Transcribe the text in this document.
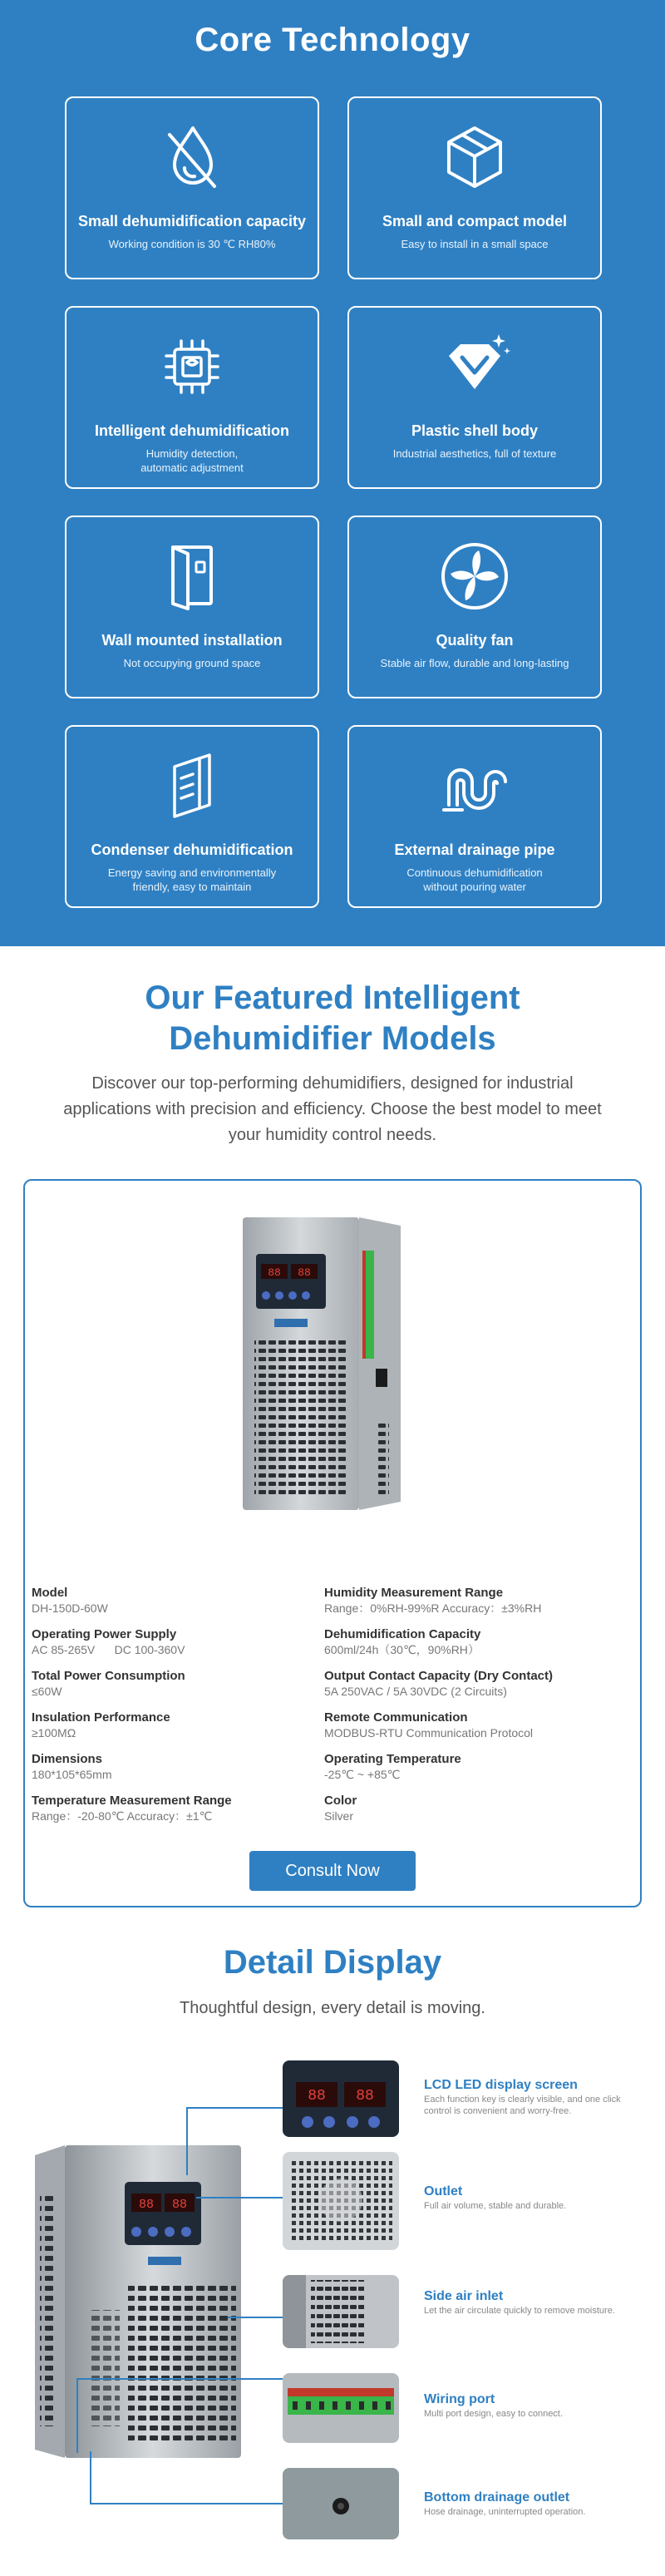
Core Technology
Small dehumidification capacity
Working condition is 30 ℃ RH80%
Small and compact model
Easy to install in a small space
Intelligent dehumidification
Humidity detection,
automatic adjustment
Plastic shell body
Industrial aesthetics, full of texture
Wall mounted installation
Not occupying ground space
Quality fan
Stable air flow, durable and long-lasting
Condenser dehumidification
Energy saving and environmentally
friendly, easy to maintain
External drainage pipe
Continuous dehumidification
without pouring water
Our Featured Intelligent
Dehumidifier Models

Discover our top-performing dehumidifiers, designed for industrial applications with precision and efficiency. Choose the best model to meet your humidity control needs.

88 88
Model
DH-150D-60W
Operating Power Supply
AC 85-265V      DC 100-360V
Total Power Consumption
≤60W
Insulation Performance
≥100MΩ
Dimensions
180*105*65mm
Temperature Measurement Range
Range：-20-80℃ Accuracy：±1℃
Humidity Measurement Range
Range：0%RH-99%R Accuracy：±3%RH
Dehumidification Capacity
600ml/24h（30℃，90%RH）
Output Contact Capacity (Dry Contact)
5A 250VAC / 5A 30VDC (2 Circuits)
Remote Communication
MODBUS-RTU Communication Protocol
Operating Temperature
-25℃ ~ +85℃
Color
Silver
Consult Now
Detail Display

Thoughtful design, every detail is moving.

88 88
88 88
LCD LED display screen
Each function key is clearly visible, and one click control is convenient and worry-free.
Outlet
Full air volume, stable and durable.
Side air inlet
Let the air circulate quickly to remove moisture.
Wiring port
Multi port design, easy to connect.
Bottom drainage outlet
Hose drainage, uninterrupted operation.
